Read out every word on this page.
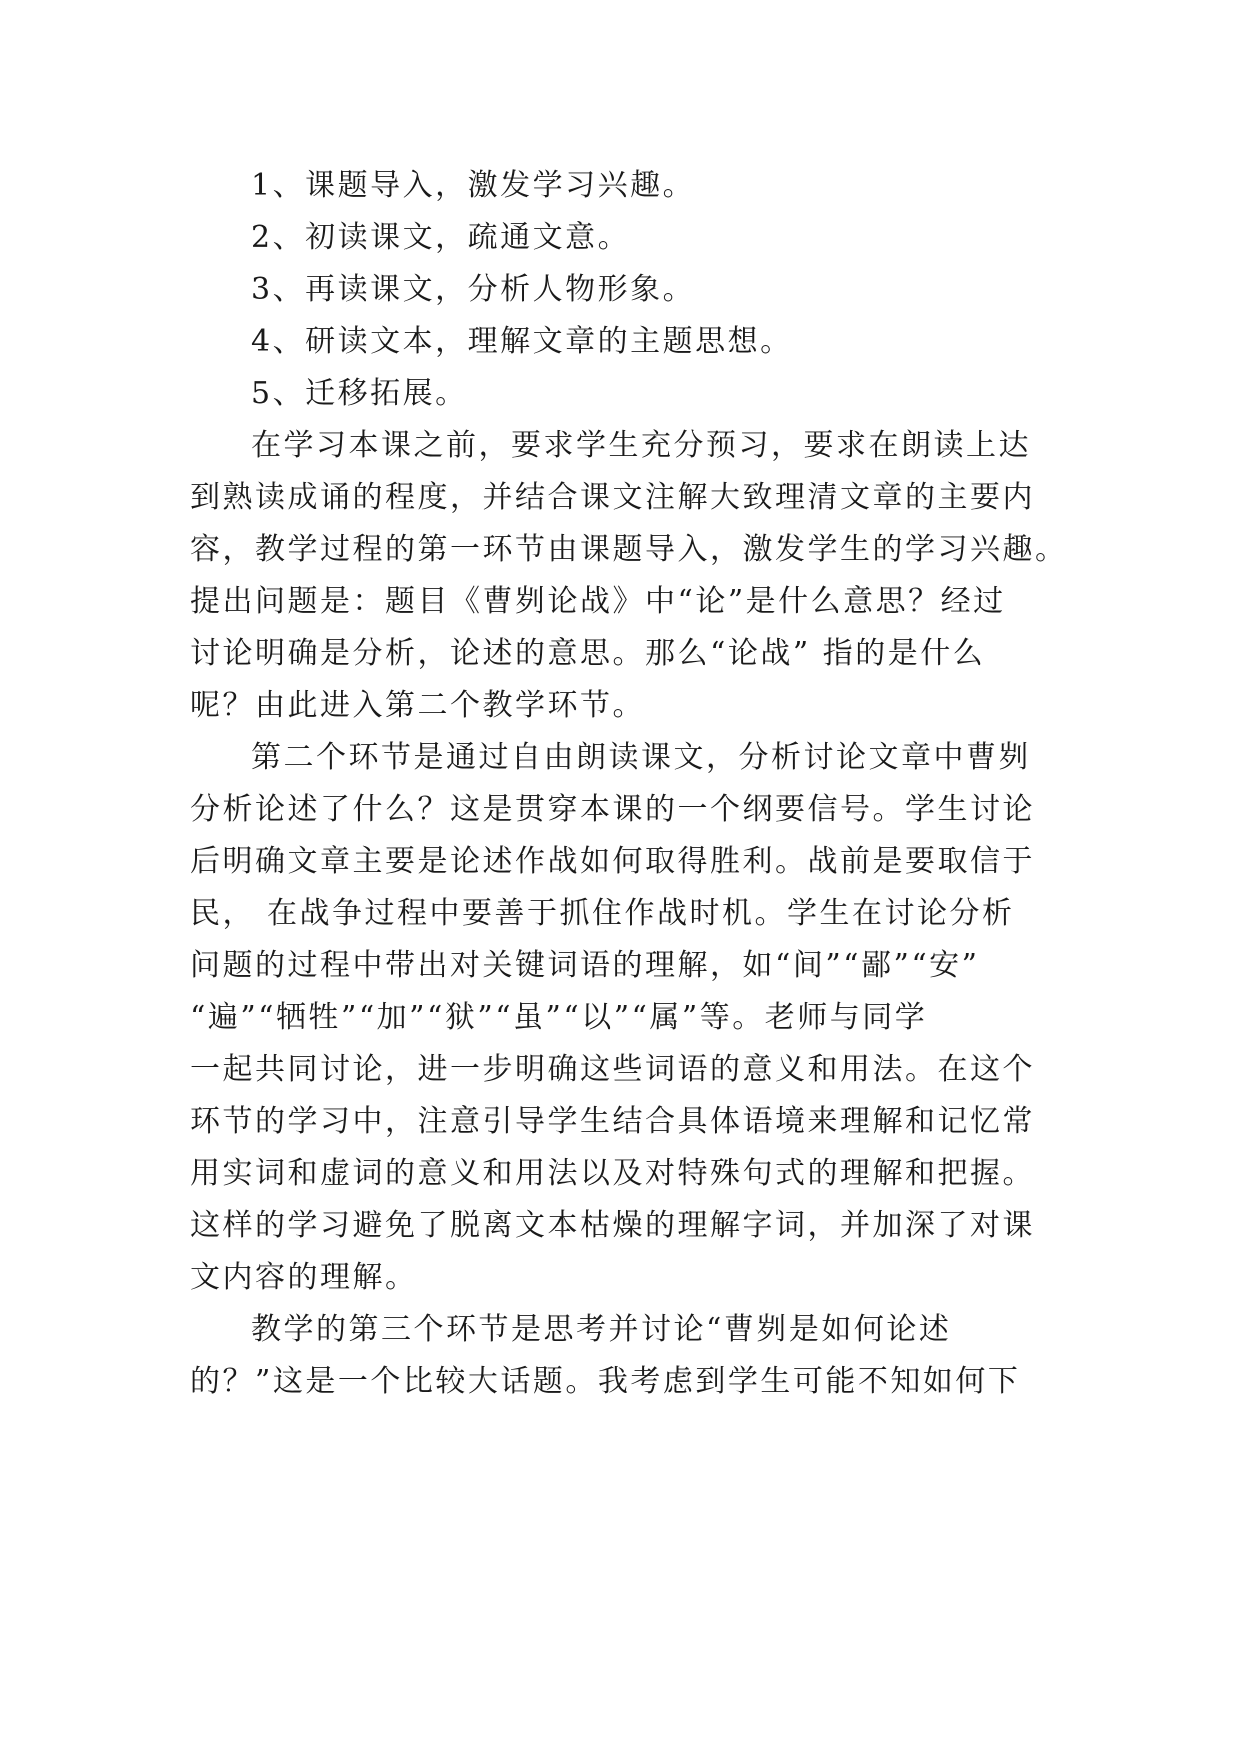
1、课题导入，激发学习兴趣。
2、初读课文，疏通文意。
3、再读课文，分析人物形象。
4、研读文本，理解文章的主题思想。
5、迁移拓展。
在学习本课之前，要求学生充分预习，要求在朗读上达
到熟读成诵的程度，并结合课文注解大致理清文章的主要内
容，教学过程的第一环节由课题导入，激发学生的学习兴趣。
提出问题是：题目《曹刿论战》中“论”是什么意思？经过
讨论明确是分析，论述的意思。那么“论战” 指的是什么
呢？由此进入第二个教学环节。
第二个环节是通过自由朗读课文，分析讨论文章中曹刿
分析论述了什么？这是贯穿本课的一个纲要信号。学生讨论
后明确文章主要是论述作战如何取得胜利。战前是要取信于
民， 在战争过程中要善于抓住作战时机。学生在讨论分析
问题的过程中带出对关键词语的理解，如“间”“鄙”“安”
“遍”“牺牲”“加”“狱”“虽”“以”“属”等。老师与同学
一起共同讨论，进一步明确这些词语的意义和用法。在这个
环节的学习中，注意引导学生结合具体语境来理解和记忆常
用实词和虚词的意义和用法以及对特殊句式的理解和把握。
这样的学习避免了脱离文本枯燥的理解字词，并加深了对课
文内容的理解。
教学的第三个环节是思考并讨论“曹刿是如何论述
的？”这是一个比较大话题。我考虑到学生可能不知如何下
